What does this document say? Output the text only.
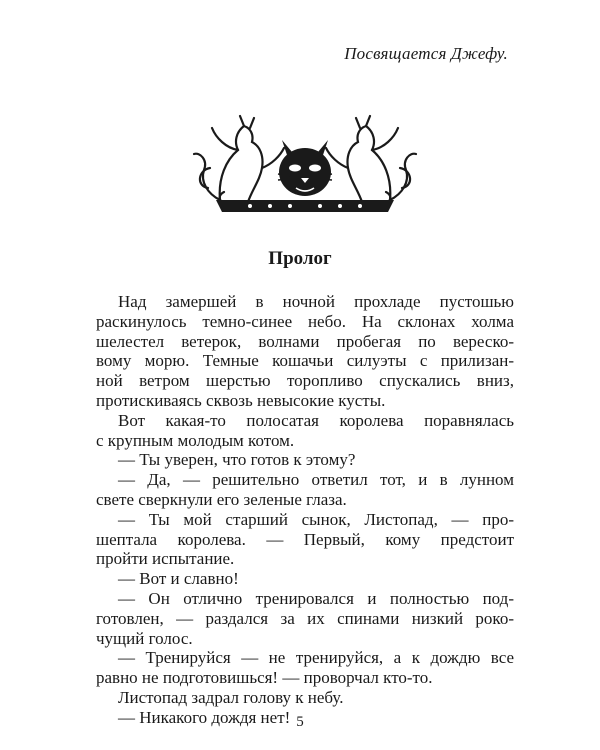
Посвящается Джефу.
Пролог
Над замершей в ночной прохладе пустошью
раскинулось темно-синее небо. На склонах холма
шелестел ветерок, волнами пробегая по вереско-
вому морю. Темные кошачьи силуэты с прилизан-
ной ветром шерстью торопливо спускались вниз,
протискиваясь сквозь невысокие кусты.
Вот какая-то полосатая королева поравнялась
с крупным молодым котом.
— Ты уверен, что готов к этому?
— Да, — решительно ответил тот, и в лунном
свете сверкнули его зеленые глаза.
— Ты мой старший сынок, Листопад, — про-
шептала королева. — Первый, кому предстоит
пройти испытание.
— Вот и славно!
— Он отлично тренировался и полностью под-
готовлен, — раздался за их спинами низкий роко-
чущий голос.
— Тренируйся — не тренируйся, а к дождю все
равно не подготовишься! — проворчал кто-то.
Листопад задрал голову к небу.
— Никакого дождя нет! 5
